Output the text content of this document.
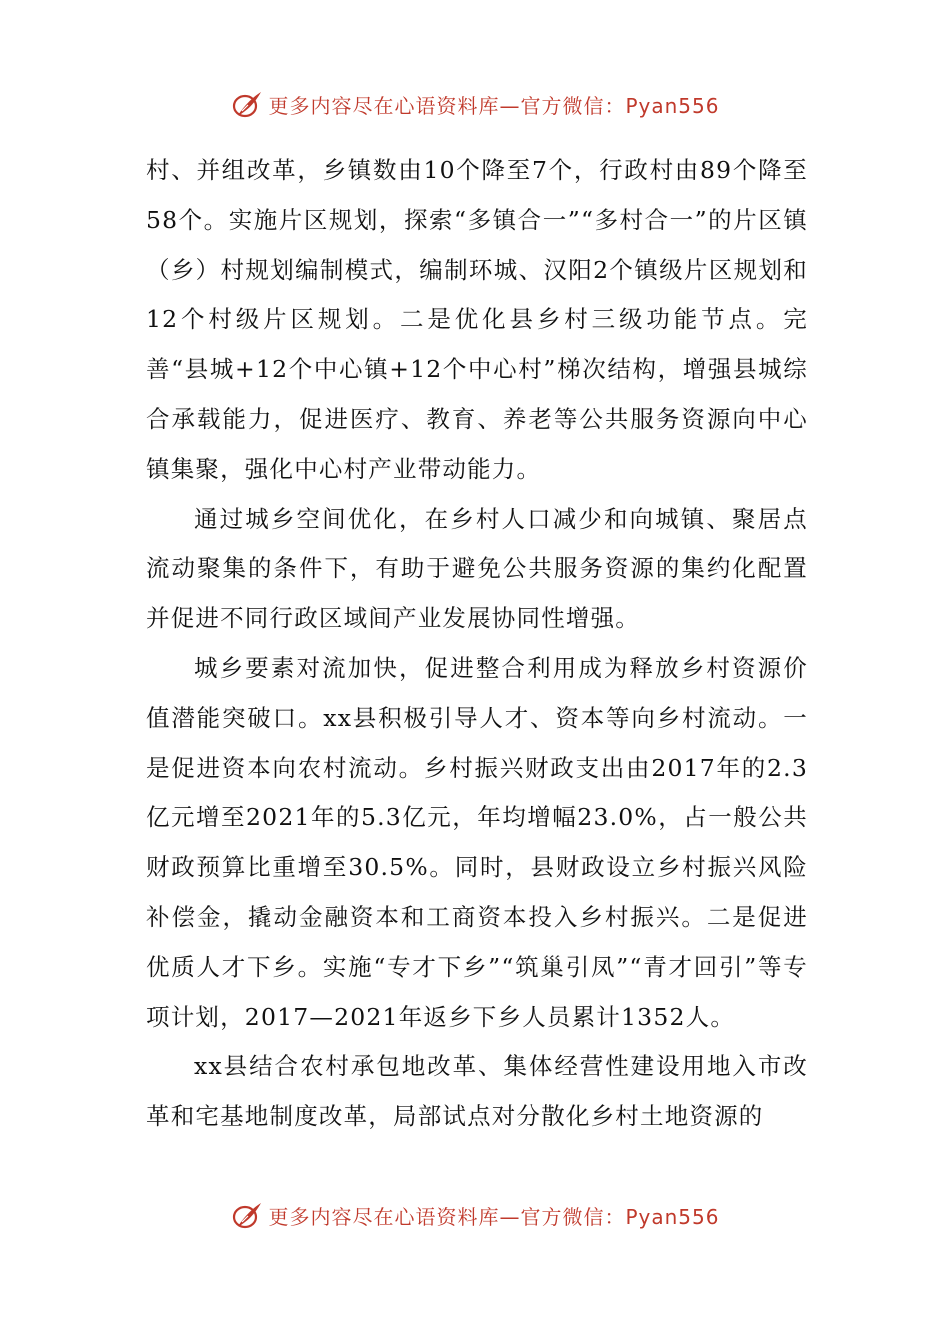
更多内容尽在心语资料库—官方微信：Pyan556

村、并组改革，乡镇数由10个降至7个，行政村由89个降至58个。实施片区规划，探索“多镇合一”“多村合一”的片区镇（乡）村规划编制模式，编制环城、汉阳2个镇级片区规划和12个村级片区规划。二是优化县乡村三级功能节点。完善“县城+12个中心镇+12个中心村”梯次结构，增强县城综合承载能力，促进医疗、教育、养老等公共服务资源向中心镇集聚，强化中心村产业带动能力。

通过城乡空间优化，在乡村人口减少和向城镇、聚居点流动聚集的条件下，有助于避免公共服务资源的集约化配置并促进不同行政区域间产业发展协同性增强。

城乡要素对流加快，促进整合利用成为释放乡村资源价值潜能突破口。xx县积极引导人才、资本等向乡村流动。一是促进资本向农村流动。乡村振兴财政支出由2017年的2.3亿元增至2021年的5.3亿元，年均增幅23.0%，占一般公共财政预算比重增至30.5%。同时，县财政设立乡村振兴风险补偿金，撬动金融资本和工商资本投入乡村振兴。二是促进优质人才下乡。实施“专才下乡”“筑巢引凤”“青才回引”等专项计划，2017—2021年返乡下乡人员累计1352人。

xx县结合农村承包地改革、集体经营性建设用地入市改革和宅基地制度改革，局部试点对分散化乡村土地资源的

更多内容尽在心语资料库—官方微信：Pyan556
